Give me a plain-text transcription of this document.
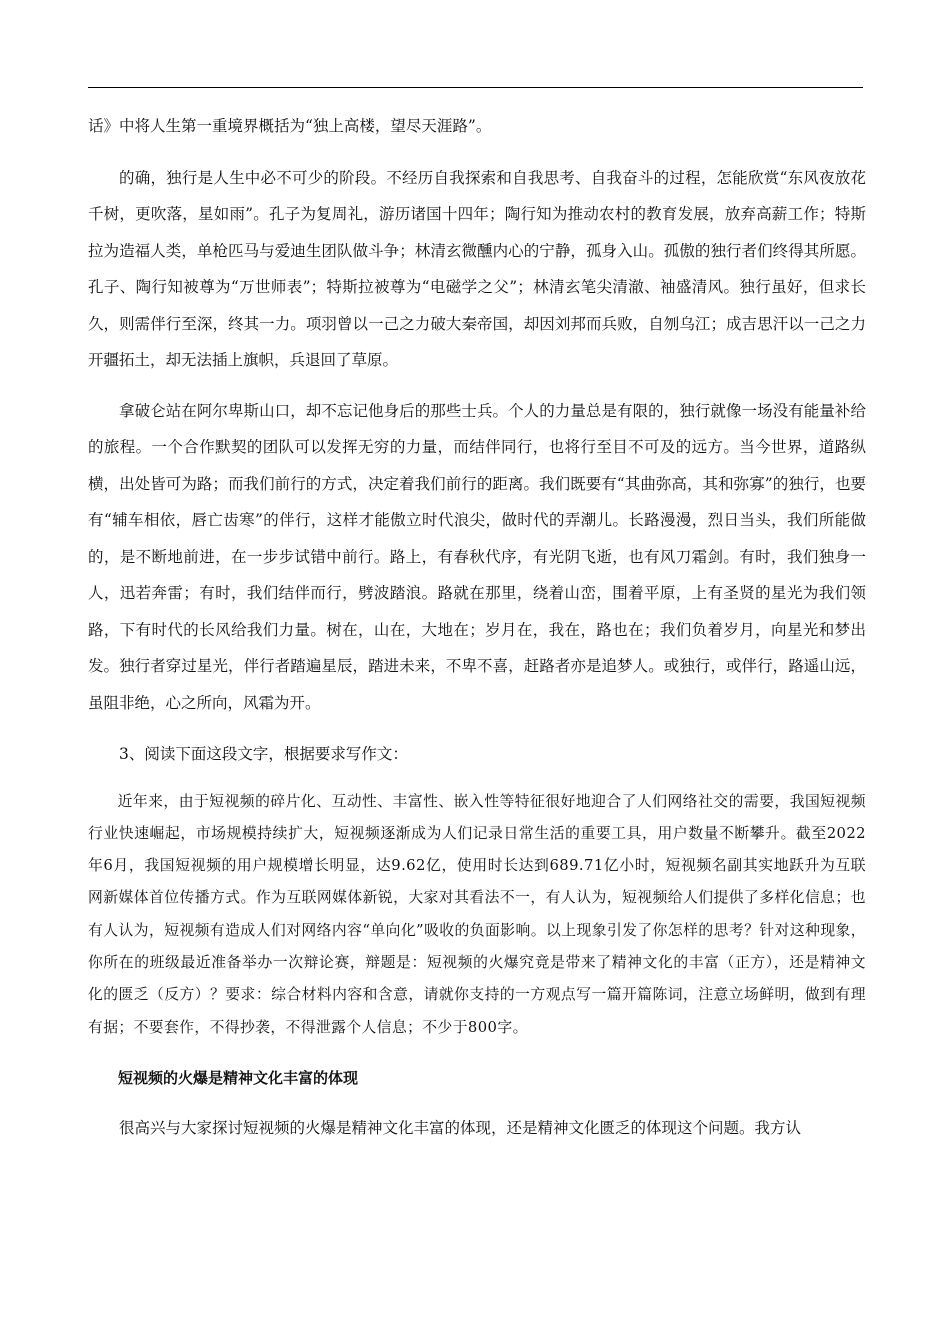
话》中将人生第一重境界概括为“独上高楼，望尽天涯路”。

的确，独行是人生中必不可少的阶段。不经历自我探索和自我思考、自我奋斗的过程，怎能欣赏“东风夜放花千树，更吹落，星如雨”。孔子为复周礼，游历诸国十四年；陶行知为推动农村的教育发展，放弃高薪工作；特斯拉为造福人类，单枪匹马与爱迪生团队做斗争；林清玄微醺内心的宁静，孤身入山。孤傲的独行者们终得其所愿。孔子、陶行知被尊为“万世师表”；特斯拉被尊为“电磁学之父”；林清玄笔尖清澈、袖盛清风。独行虽好，但求长久，则需伴行至深，终其一力。项羽曾以一己之力破大秦帝国，却因刘邦而兵败，自刎乌江；成吉思汗以一己之力开疆拓土，却无法插上旗帜，兵退回了草原。

拿破仑站在阿尔卑斯山口，却不忘记他身后的那些士兵。个人的力量总是有限的，独行就像一场没有能量补给的旅程。一个合作默契的团队可以发挥无穷的力量，而结伴同行，也将行至目不可及的远方。当今世界，道路纵横，出处皆可为路；而我们前行的方式，决定着我们前行的距离。我们既要有“其曲弥高，其和弥寡”的独行，也要有“辅车相依，唇亡齿寒”的伴行，这样才能傲立时代浪尖，做时代的弄潮儿。长路漫漫，烈日当头，我们所能做的，是不断地前进，在一步步试错中前行。路上，有春秋代序，有光阴飞逝，也有风刀霜剑。有时，我们独身一人，迅若奔雷；有时，我们结伴而行，劈波踏浪。路就在那里，绕着山峦，围着平原，上有圣贤的星光为我们领路，下有时代的长风给我们力量。树在，山在，大地在；岁月在，我在，路也在；我们负着岁月，向星光和梦出发。独行者穿过星光，伴行者踏遍星辰，踏进未来，不卑不喜，赶路者亦是追梦人。或独行，或伴行，路遥山远，虽阻非绝，心之所向，风霜为开。

3、阅读下面这段文字，根据要求写作文：

近年来，由于短视频的碎片化、互动性、丰富性、嵌入性等特征很好地迎合了人们网络社交的需要，我国短视频行业快速崛起，市场规模持续扩大，短视频逐渐成为人们记录日常生活的重要工具，用户数量不断攀升。截至2022年6月，我国短视频的用户规模增长明显，达9.62亿，使用时长达到689.71亿小时，短视频名副其实地跃升为互联网新媒体首位传播方式。作为互联网媒体新锐，大家对其看法不一，有人认为，短视频给人们提供了多样化信息；也有人认为，短视频有造成人们对网络内容“单向化”吸收的负面影响。以上现象引发了你怎样的思考？针对这种现象，你所在的班级最近准备举办一次辩论赛，辩题是：短视频的火爆究竟是带来了精神文化的丰富（正方），还是精神文化的匮乏（反方）？要求：综合材料内容和含意，请就你支持的一方观点写一篇开篇陈词，注意立场鲜明，做到有理有据；不要套作，不得抄袭，不得泄露个人信息；不少于800字。

短视频的火爆是精神文化丰富的体现

很高兴与大家探讨短视频的火爆是精神文化丰富的体现，还是精神文化匮乏的体现这个问题。我方认
